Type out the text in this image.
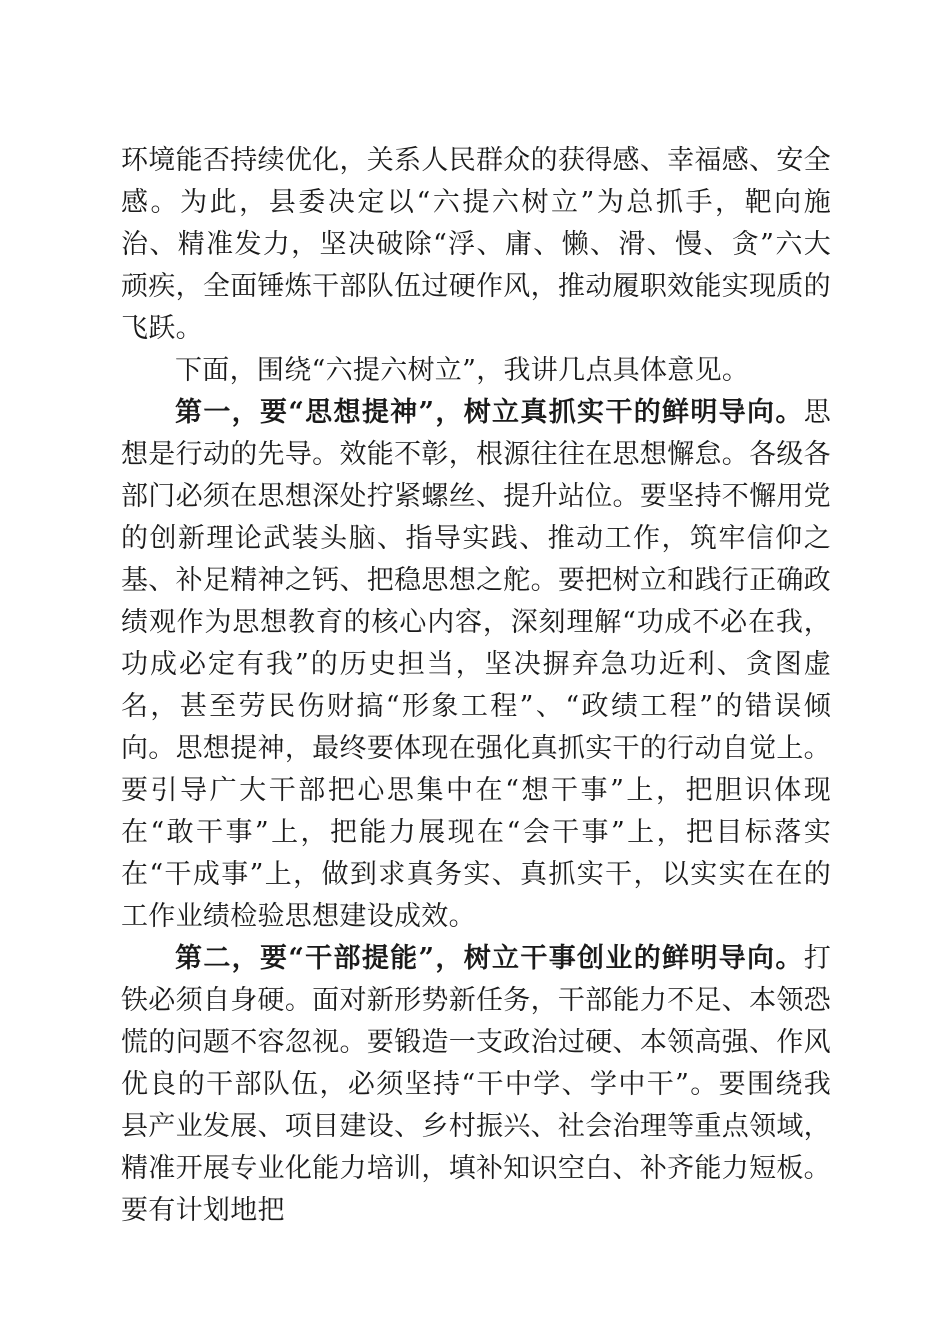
环境能否持续优化，关系人民群众的获得感、幸福感、安全感。为此，县委决定以“六提六树立”为总抓手，靶向施治、精准发力，坚决破除“浮、庸、懒、滑、慢、贪”六大顽疾，全面锤炼干部队伍过硬作风，推动履职效能实现质的飞跃。

下面，围绕“六提六树立”，我讲几点具体意见。

第一，要“思想提神”，树立真抓实干的鲜明导向。思想是行动的先导。效能不彰，根源往往在思想懈怠。各级各部门必须在思想深处拧紧螺丝、提升站位。要坚持不懈用党的创新理论武装头脑、指导实践、推动工作，筑牢信仰之基、补足精神之钙、把稳思想之舵。要把树立和践行正确政绩观作为思想教育的核心内容，深刻理解“功成不必在我，功成必定有我”的历史担当，坚决摒弃急功近利、贪图虚名，甚至劳民伤财搞“形象工程”、“政绩工程”的错误倾向。思想提神，最终要体现在强化真抓实干的行动自觉上。要引导广大干部把心思集中在“想干事”上，把胆识体现在“敢干事”上，把能力展现在“会干事”上，把目标落实在“干成事”上，做到求真务实、真抓实干，以实实在在的工作业绩检验思想建设成效。

第二，要“干部提能”，树立干事创业的鲜明导向。打铁必须自身硬。面对新形势新任务，干部能力不足、本领恐慌的问题不容忽视。要锻造一支政治过硬、本领高强、作风优良的干部队伍，必须坚持“干中学、学中干”。要围绕我县产业发展、项目建设、乡村振兴、社会治理等重点领域，精准开展专业化能力培训，填补知识空白、补齐能力短板。要有计划地把
